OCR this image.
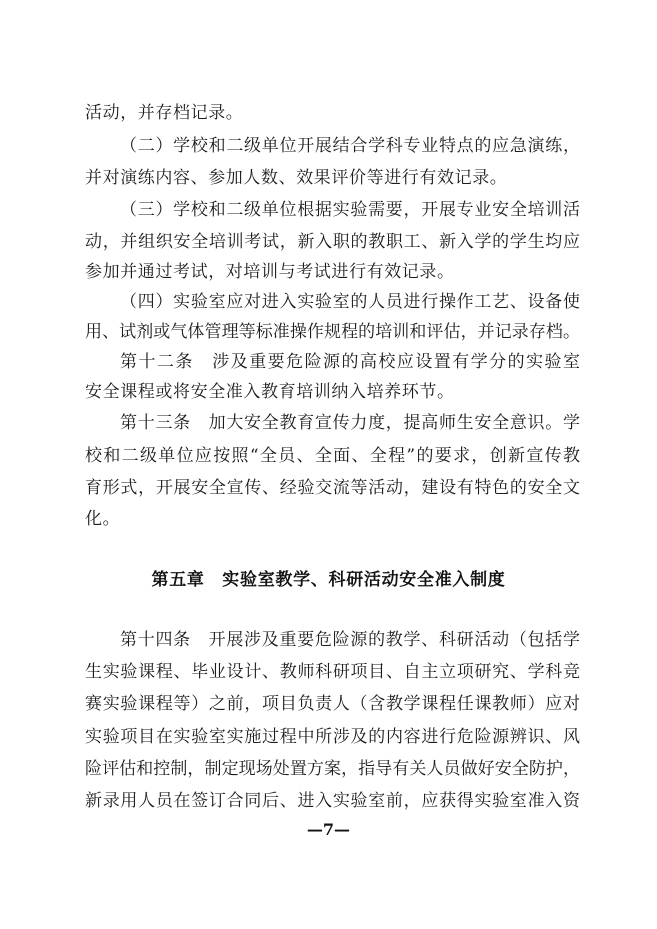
活动，并存档记录。
（二）学校和二级单位开展结合学科专业特点的应急演练，
并对演练内容、参加人数、效果评价等进行有效记录。
（三）学校和二级单位根据实验需要，开展专业安全培训活
动，并组织安全培训考试，新入职的教职工、新入学的学生均应
参加并通过考试，对培训与考试进行有效记录。
（四）实验室应对进入实验室的人员进行操作工艺、设备使
用、试剂或气体管理等标准操作规程的培训和评估，并记录存档。
第十二条　涉及重要危险源的高校应设置有学分的实验室
安全课程或将安全准入教育培训纳入培养环节。
第十三条　加大安全教育宣传力度，提高师生安全意识。学
校和二级单位应按照“全员、全面、全程”的要求，创新宣传教
育形式，开展安全宣传、经验交流等活动，建设有特色的安全文
化。
第五章　实验室教学、科研活动安全准入制度
第十四条　开展涉及重要危险源的教学、科研活动（包括学
生实验课程、毕业设计、教师科研项目、自主立项研究、学科竞
赛实验课程等）之前，项目负责人（含教学课程任课教师）应对
实验项目在实验室实施过程中所涉及的内容进行危险源辨识、风
险评估和控制，制定现场处置方案，指导有关人员做好安全防护，
新录用人员在签订合同后、进入实验室前，应获得实验室准入资
—7—
